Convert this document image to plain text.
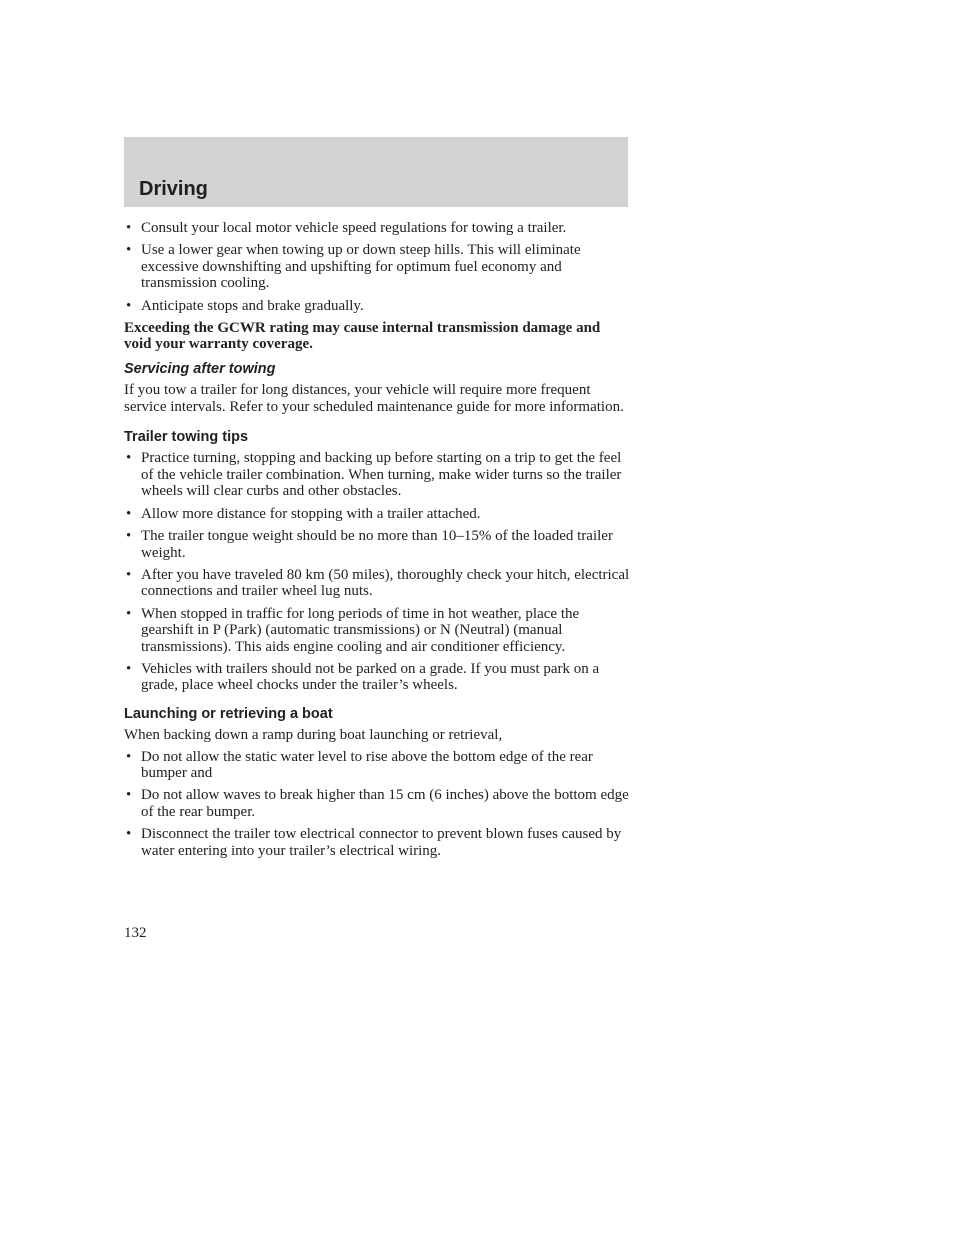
Driving
• Consult your local motor vehicle speed regulations for towing a trailer.
• Use a lower gear when towing up or down steep hills. This will eliminate excessive downshifting and upshifting for optimum fuel economy and transmission cooling.
• Anticipate stops and brake gradually.

Exceeding the GCWR rating may cause internal transmission damage and void your warranty coverage.

Servicing after towing

If you tow a trailer for long distances, your vehicle will require more frequent service intervals. Refer to your scheduled maintenance guide for more information.

Trailer towing tips
• Practice turning, stopping and backing up before starting on a trip to get the feel of the vehicle trailer combination. When turning, make wider turns so the trailer wheels will clear curbs and other obstacles.
• Allow more distance for stopping with a trailer attached.
• The trailer tongue weight should be no more than 10–15% of the loaded trailer weight.
• After you have traveled 80 km (50 miles), thoroughly check your hitch, electrical connections and trailer wheel lug nuts.
• When stopped in traffic for long periods of time in hot weather, place the gearshift in P (Park) (automatic transmissions) or N (Neutral) (manual transmissions). This aids engine cooling and air conditioner efficiency.
• Vehicles with trailers should not be parked on a grade. If you must park on a grade, place wheel chocks under the trailer’s wheels.
Launching or retrieving a boat

When backing down a ramp during boat launching or retrieval,

• Do not allow the static water level to rise above the bottom edge of the rear bumper and
• Do not allow waves to break higher than 15 cm (6 inches) above the bottom edge of the rear bumper.
• Disconnect the trailer tow electrical connector to prevent blown fuses caused by water entering into your trailer’s electrical wiring.
132
